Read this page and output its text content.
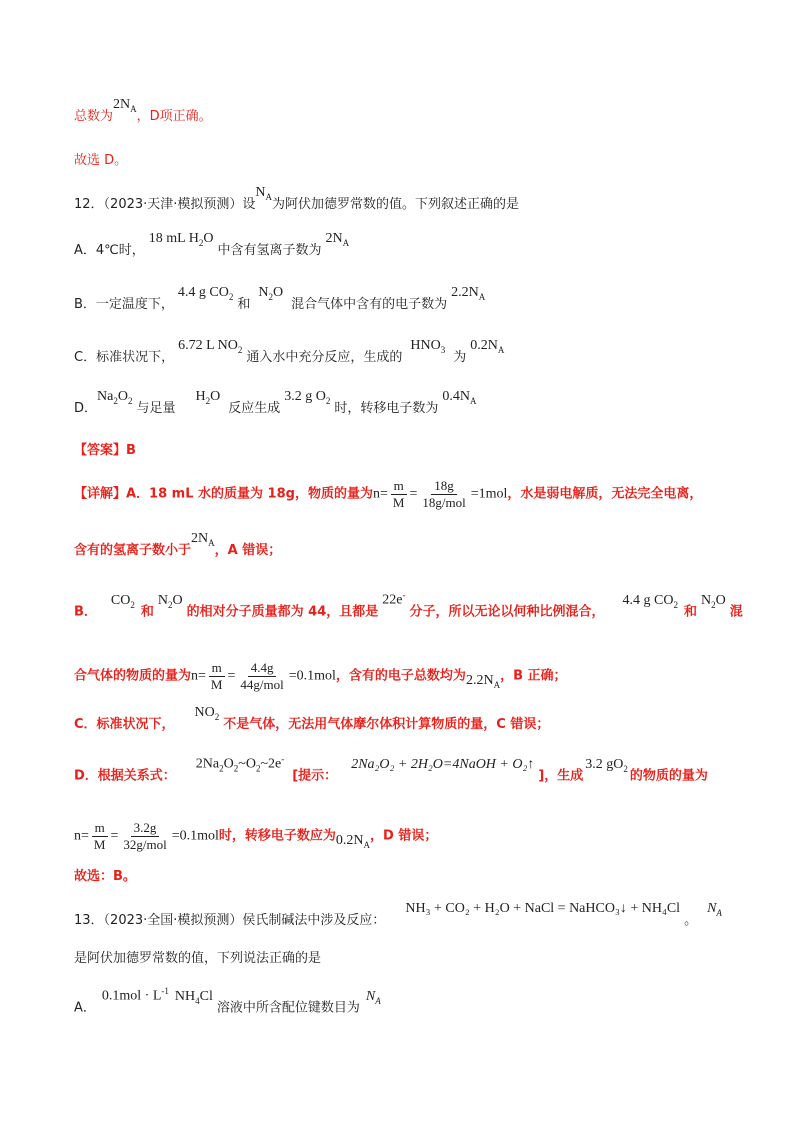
总数为$2N_A$，D项正确。
故选 D。
12．（2023·天津·模拟预测）设$N_A$为阿伏加德罗常数的值。下列叙述正确的是
A．4℃时，18 mL $H_2O$中含有氢离子数为$2N_A$
B．一定温度下，4.4 g $CO_2$和$N_2O$混合气体中含有的电子数为$2.2N_A$
C．标准状况下，6.72 L $NO_2$通入水中充分反应，生成的$HNO_3$为$0.2N_A$
D．$Na_2O_2$与足量$H_2O$反应生成3.2 g $O_2$时，转移电子数为$0.4N_A$
【答案】B
【详解】A．18 mL 水的质量为 18g，物质的量为$n= \frac{m}{M} = \frac{18g}{\text{18g/mol}} =1mol$，水是弱电解质，无法完全电离，
含有的氢离子数小于$2N_A$，A 错误；
B．$CO_2$和$N_2O$的相对分子质量都为 44，且都是22e-分子，所以无论以何种比例混合，4.4 g $CO_2$和$N_2O$混
合气体的物质的量为$n= \frac{m}{M} = \frac{4.4g}{\text{44g/mol}} =0.1mol$，含有的电子总数均为$2.2N_A$，B 正确；
C．标准状况下，$NO_2$不是气体，无法用气体摩尔体积计算物质的量，C 错误；
D．根据关系式：$2Na_2O_2\sim O_2\sim 2e^-$[提示：2Na₂O₂ + 2H₂O=4NaOH + O₂↑]，生成3.2 $gO_2$的物质的量为
$n= \frac{m}{M} = \frac{3.2g}{\text{32g/mol}} =0.1mol$时，转移电子数应为$0.2N_A$，D 错误；
故选：B。
13．（2023·全国·模拟预测）侯氏制碱法中涉及反应：NH₃ + CO₂ + H₂O + NaCl = NaHCO₃↓ + NH₄Cl。$N_A$
是阿伏加德罗常数的值，下列说法正确的是
A．$0.1mol \cdot L^{-1}$ $NH_4Cl$溶液中所含配位键数目为$N_A$
